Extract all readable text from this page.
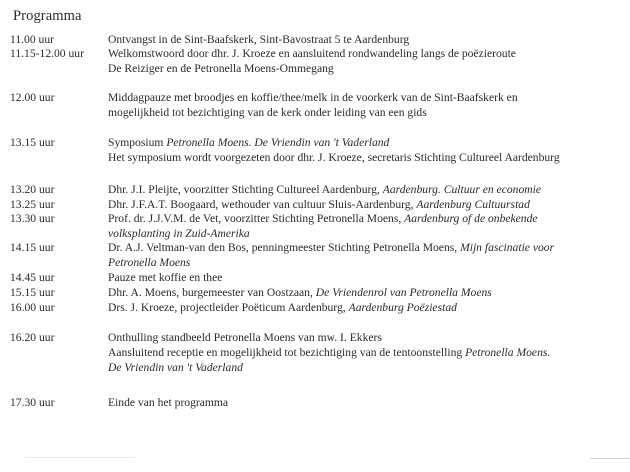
Programma
11.00 uur	Ontvangst in de Sint-Baafskerk, Sint-Bavostraat 5 te Aardenburg
11.15-12.00 uur Welkomstwoord door dhr. J. Kroeze en aansluitend rondwandeling langs de poëzieroute
De Reiziger en de Petronella Moens-Ommegang
12.00 uur	Middagpauze met broodjes en koffie/thee/melk in de voorkerk van de Sint-Baafskerk en
mogelijkheid tot bezichtiging van de kerk onder leiding van een gids
13.15 uur	Symposium Petronella Moens. De Vriendin van 't Vaderland
Het symposium wordt voorgezeten door dhr. J. Kroeze, secretaris Stichting Cultureel Aardenburg
13.20 uur	Dhr. J.I. Pleijte, voorzitter Stichting Cultureel Aardenburg, Aardenburg. Cultuur en economie
13.25 uur	Dhr. J.F.A.T. Boogaard, wethouder van cultuur Sluis-Aardenburg, Aardenburg Cultuurstad
13.30 uur	Prof. dr. J.J.V.M. de Vet, voorzitter Stichting Petronella Moens, Aardenburg of de onbekende
volksplanting in Zuid-Amerika
14.15 uur	Dr. A.J. Veltman-van den Bos, penningmeester Stichting Petronella Moens, Mijn fascinatie voor
Petronella Moens
14.45 uur	Pauze met koffie en thee
15.15 uur	Dhr. A. Moens, burgemeester van Oostzaan, De Vriendenrol van Petronella Moens
16.00 uur	Drs. J. Kroeze, projectleider Poëticum Aardenburg, Aardenburg Poëziestad
16.20 uur	Onthulling standbeeld Petronella Moens van mw. I. Ekkers
Aansluitend receptie en mogelijkheid tot bezichtiging van de tentoonstelling Petronella Moens.
De Vriendin van 't Vaderland
17.30 uur	Einde van het programma
